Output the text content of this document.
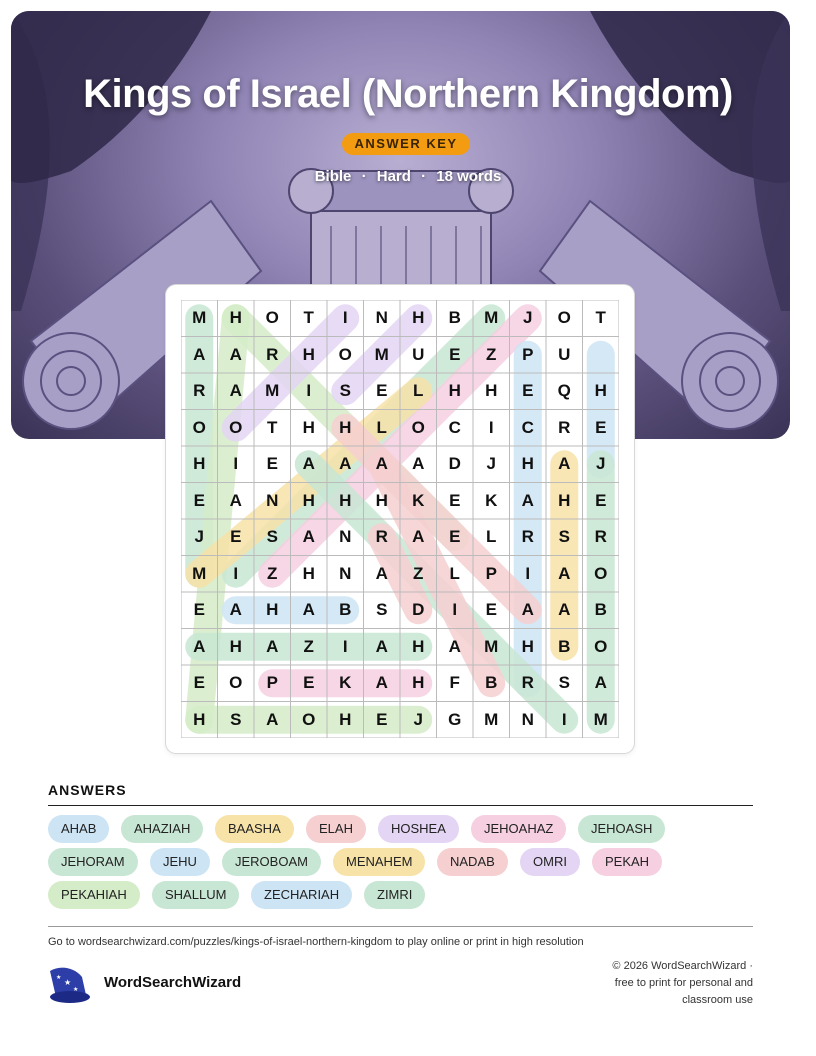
Kings of Israel (Northern Kingdom)
ANSWER KEY
Bible · Hard · 18 words
M	H	O	T	I	N	H	B	M	J	O	T
A	A	R	H	O	M	U	E	Z	P	U
R	A	M	I	S	E	L	H	H	E	Q	H
O	O	T	H	H	L	O	C	I	C	R	E
H	I	E	A	A	A	A	D	J	H	A	J
E	A	N	H	H	H	K	E	K	A	H	E
J	E	S	A	N	R	A	E	L	R	S	R
M	I	Z	H	N	A	Z	L	P	I	A	O
E	A	H	A	B	S	D	I	E	A	A	B
A	H	A	Z	I	A	H	A	M	H	B	O
E	O	P	E	K	A	H	F	B	R	S	A
H	S	A	O	H	E	J	G	M	N	I	M
ANSWERS
AHAB	AHAZIAH	BAASHA	ELAH	HOSHEA	JEHOAHAZ	JEHOASH
JEHORAM	JEHU	JEROBOAM	MENAHEM	NADAB	OMRI	PEKAH
PEKAHIAH	SHALLUM	ZECHARIAH	ZIMRI
Go to wordsearchwizard.com/puzzles/kings-of-israel-northern-kingdom to play online or print in high resolution
★
★
★	WordSearchWizard
© 2026 WordSearchWizard ·
free to print for personal and
classroom use
